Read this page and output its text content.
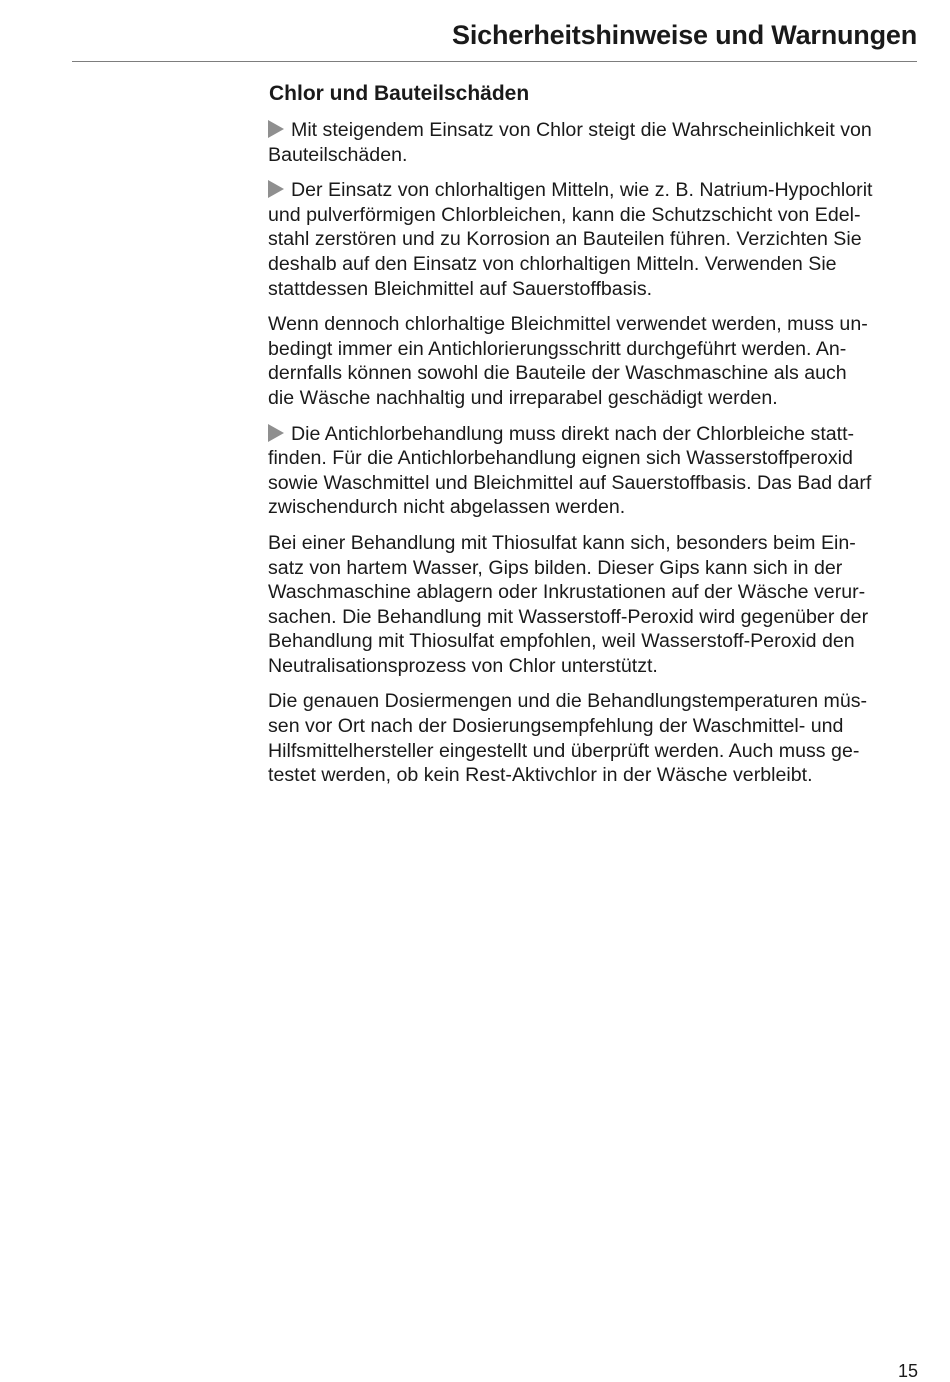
Sicherheitshinweise und Warnungen
Chlor und Bauteilschäden

Mit steigendem Einsatz von Chlor steigt die Wahrscheinlichkeit von
Bauteilschäden.

Der Einsatz von chlorhaltigen Mitteln, wie z. B. Natrium-Hypochlorit
und pulverförmigen Chlorbleichen, kann die Schutzschicht von Edel-
stahl zerstören und zu Korrosion an Bauteilen führen. Verzichten Sie
deshalb auf den Einsatz von chlorhaltigen Mitteln. Verwenden Sie
stattdessen Bleichmittel auf Sauerstoffbasis.

Wenn dennoch chlorhaltige Bleichmittel verwendet werden, muss un-
bedingt immer ein Antichlorierungsschritt durchgeführt werden. An-
dernfalls können sowohl die Bauteile der Waschmaschine als auch
die Wäsche nachhaltig und irreparabel geschädigt werden.

Die Antichlorbehandlung muss direkt nach der Chlorbleiche statt-
finden. Für die Antichlorbehandlung eignen sich Wasserstoffperoxid
sowie Waschmittel und Bleichmittel auf Sauerstoffbasis. Das Bad darf
zwischendurch nicht abgelassen werden.

Bei einer Behandlung mit Thiosulfat kann sich, besonders beim Ein-
satz von hartem Wasser, Gips bilden. Dieser Gips kann sich in der
Waschmaschine ablagern oder Inkrustationen auf der Wäsche verur-
sachen. Die Behandlung mit Wasserstoff-Peroxid wird gegenüber der
Behandlung mit Thiosulfat empfohlen, weil Wasserstoff-Peroxid den
Neutralisationsprozess von Chlor unterstützt.

Die genauen Dosiermengen und die Behandlungstemperaturen müs-
sen vor Ort nach der Dosierungsempfehlung der Waschmittel- und
Hilfsmittelhersteller eingestellt und überprüft werden. Auch muss ge-
testet werden, ob kein Rest-Aktivchlor in der Wäsche verbleibt.

15
